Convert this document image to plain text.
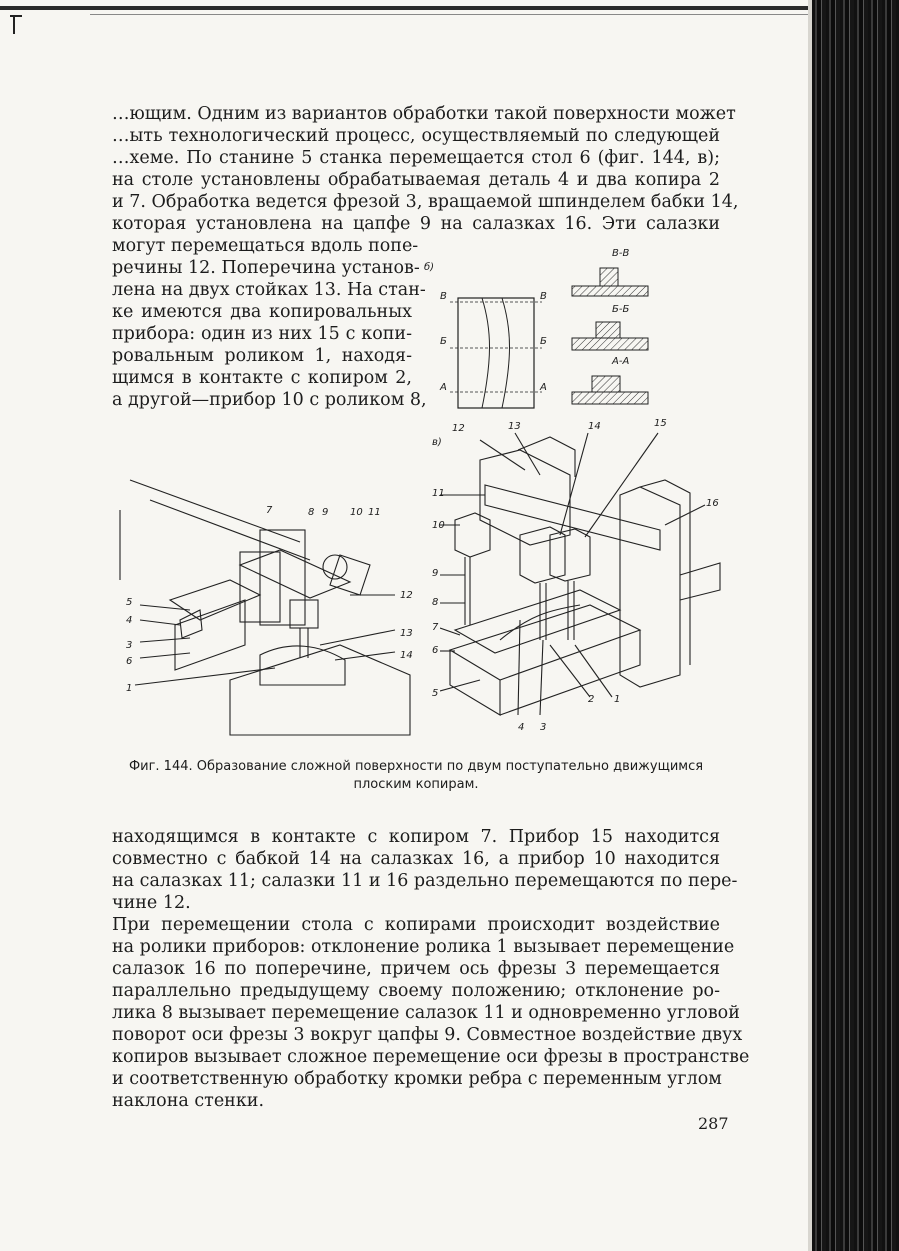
…ющим. Одним из вариантов обработки такой поверхности может
…ыть технологический процесс, осуществляемый по следующей
…хеме. По станине 5 станка перемещается стол 6 (фиг. 144, в);
на столе установлены обрабатываемая деталь 4 и два копира 2
и 7. Обработка ведется фрезой 3, вращаемой шпинделем бабки 14,
которая установлена на цапфе 9 на салазках 16. Эти салазки
могут перемещаться вдоль попе-
речины 12. Поперечина установ-
лена на двух стойках 13. На стан-
ке имеются два копировальных
прибора: один из них 15 с копи-
ровальным роликом 1, находя-
щимся в контакте с копиром 2,
а другой—прибор 10 с роликом 8,
б)
В-В
Б-Б
А-А
В
Б
А
В
Б
А
7	8 9 10 11
12
13
14
5
4
3
6
1
в)
12	13	14	15
11
10
16
9
8
7
6
5
4 3
2 1
Фиг. 144. Образование сложной поверхности по двум поступательно движущимся
плоским копирам.
находящимся в контакте с копиром 7. Прибор 15 находится
совместно с бабкой 14 на салазках 16, а прибор 10 находится
на салазках 11; салазки 11 и 16 раздельно перемещаются по пере-
чине 12.
При перемещении стола с копирами происходит воздействие
на ролики приборов: отклонение ролика 1 вызывает перемещение
салазок 16 по поперечине, причем ось фрезы 3 перемещается
параллельно предыдущему своему положению; отклонение ро-
лика 8 вызывает перемещение салазок 11 и одновременно угловой
поворот оси фрезы 3 вокруг цапфы 9. Совместное воздействие двух
копиров вызывает сложное перемещение оси фрезы в пространстве
и соответственную обработку кромки ребра с переменным углом
наклона стенки.
287
